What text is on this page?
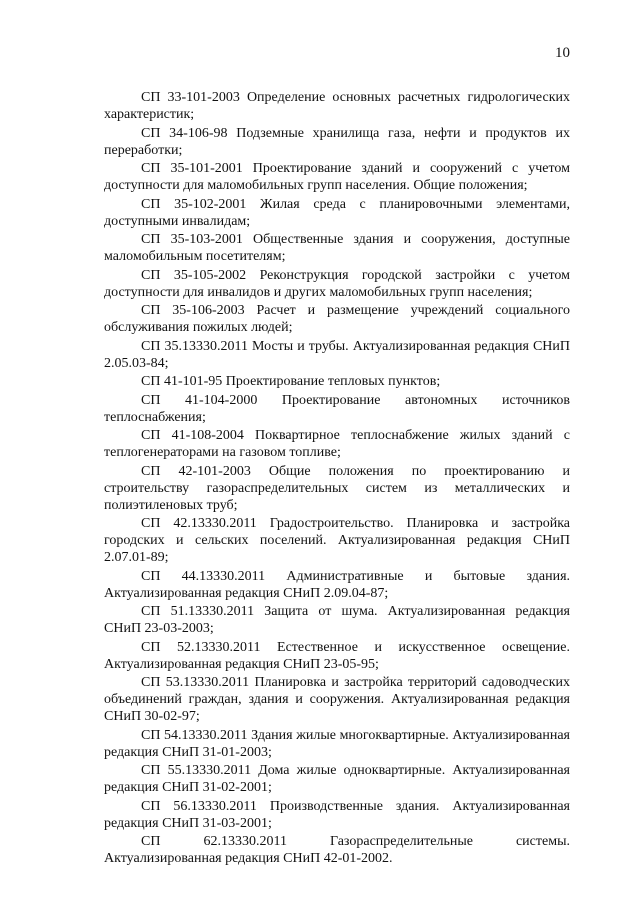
10

СП 33-101-2003 Определение основных расчетных гидрологических характеристик;

СП 34-106-98 Подземные хранилища газа, нефти и продуктов их переработки;

СП 35-101-2001 Проектирование зданий и сооружений с учетом доступности для маломобильных групп населения. Общие положения;

СП 35-102-2001 Жилая среда с планировочными элементами, доступными инвалидам;

СП 35-103-2001 Общественные здания и сооружения, доступные маломобильным посетителям;

СП 35-105-2002 Реконструкция городской застройки с учетом доступности для инвалидов и других маломобильных групп населения;

СП 35-106-2003 Расчет и размещение учреждений социального обслуживания пожилых людей;

СП 35.13330.2011 Мосты и трубы. Актуализированная редакция СНиП 2.05.03-84;

СП 41-101-95 Проектирование тепловых пунктов;

СП 41-104-2000 Проектирование автономных источников теплоснабжения;

СП 41-108-2004 Поквартирное теплоснабжение жилых зданий с теплогенераторами на газовом топливе;

СП 42-101-2003 Общие положения по проектированию и строительству газораспределительных систем из металлических и полиэтиленовых труб;

СП 42.13330.2011 Градостроительство. Планировка и застройка городских и сельских поселений. Актуализированная редакция СНиП 2.07.01-89;

СП 44.13330.2011 Административные и бытовые здания. Актуализированная редакция СНиП 2.09.04-87;

СП 51.13330.2011 Защита от шума. Актуализированная редакция СНиП 23-03-2003;

СП 52.13330.2011 Естественное и искусственное освещение. Актуализированная редакция СНиП 23-05-95;

СП 53.13330.2011 Планировка и застройка территорий садоводческих объединений граждан, здания и сооружения. Актуализированная редакция СНиП 30-02-97;

СП 54.13330.2011 Здания жилые многоквартирные. Актуализированная редакция СНиП 31-01-2003;

СП 55.13330.2011 Дома жилые одноквартирные. Актуализированная редакция СНиП 31-02-2001;

СП 56.13330.2011 Производственные здания. Актуализированная редакция СНиП 31-03-2001;

СП 62.13330.2011	Газораспределительные системы. Актуализированная редакция СНиП 42-01-2002.
